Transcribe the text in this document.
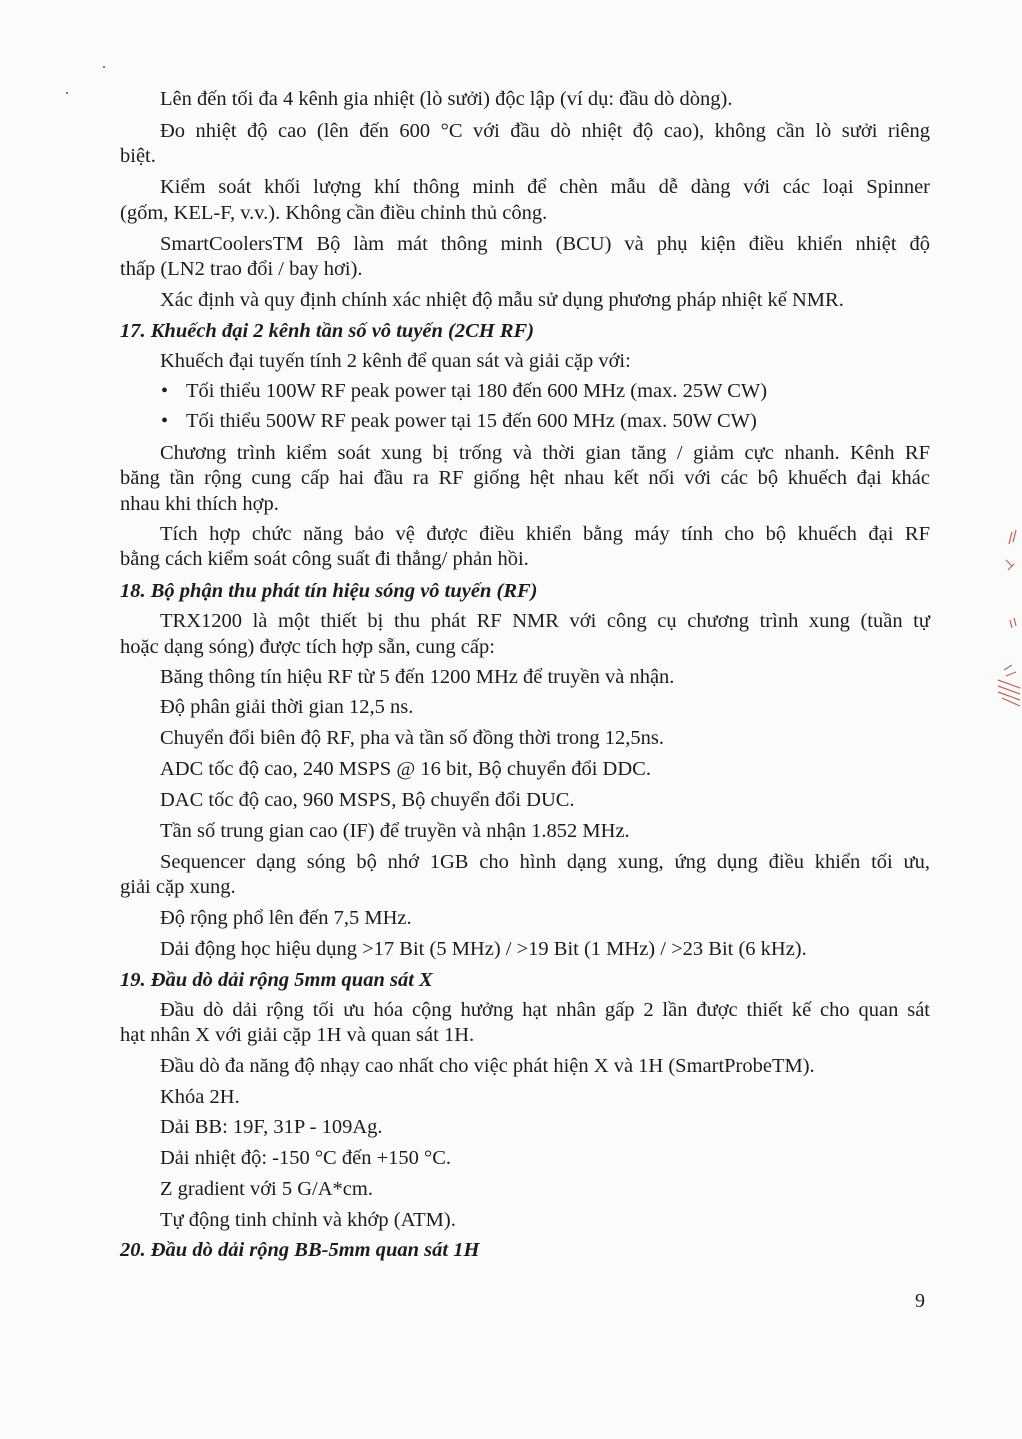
Lên đến tối đa 4 kênh gia nhiệt (lò sưởi) độc lập (ví dụ: đầu dò dòng).
Đo nhiệt độ cao (lên đến 600 °C với đầu dò nhiệt độ cao), không cần lò sưởi riêng
biệt.
Kiểm soát khối lượng khí thông minh để chèn mẫu dễ dàng với các loại Spinner
(gốm, KEL-F, v.v.). Không cần điều chỉnh thủ công.
SmartCoolersTM Bộ làm mát thông minh (BCU) và phụ kiện điều khiển nhiệt độ
thấp (LN2 trao đổi / bay hơi).
Xác định và quy định chính xác nhiệt độ mẫu sử dụng phương pháp nhiệt kế NMR.
17. Khuếch đại 2 kênh tần số vô tuyến (2CH RF)
Khuếch đại tuyến tính 2 kênh để quan sát và giải cặp với:
• Tối thiểu 100W RF peak power tại 180 đến 600 MHz (max. 25W CW)
• Tối thiểu 500W RF peak power tại 15 đến 600 MHz (max. 50W CW)
Chương trình kiểm soát xung bị trống và thời gian tăng / giảm cực nhanh. Kênh RF
băng tần rộng cung cấp hai đầu ra RF giống hệt nhau kết nối với các bộ khuếch đại khác
nhau khi thích hợp.
Tích hợp chức năng bảo vệ được điều khiển bằng máy tính cho bộ khuếch đại RF
bằng cách kiểm soát công suất đi thẳng/ phản hồi.
18. Bộ phận thu phát tín hiệu sóng vô tuyến (RF)
TRX1200 là một thiết bị thu phát RF NMR với công cụ chương trình xung (tuần tự
hoặc dạng sóng) được tích hợp sẵn, cung cấp:
Băng thông tín hiệu RF từ 5 đến 1200 MHz để truyền và nhận.
Độ phân giải thời gian 12,5 ns.
Chuyển đổi biên độ RF, pha và tần số đồng thời trong 12,5ns.
ADC tốc độ cao, 240 MSPS @ 16 bit, Bộ chuyển đổi DDC.
DAC tốc độ cao, 960 MSPS, Bộ chuyển đổi DUC.
Tần số trung gian cao (IF) để truyền và nhận 1.852 MHz.
Sequencer dạng sóng bộ nhớ 1GB cho hình dạng xung, ứng dụng điều khiển tối ưu,
giải cặp xung.
Độ rộng phổ lên đến 7,5 MHz.
Dải động học hiệu dụng >17 Bit (5 MHz) / >19 Bit (1 MHz) / >23 Bit (6 kHz).
19. Đầu dò dải rộng 5mm quan sát X
Đầu dò dải rộng tối ưu hóa cộng hưởng hạt nhân gấp 2 lần được thiết kế cho quan sát
hạt nhân X với giải cặp 1H và quan sát 1H.
Đầu dò đa năng độ nhạy cao nhất cho việc phát hiện X và 1H (SmartProbeTM).
Khóa 2H.
Dải BB: 19F, 31P - 109Ag.
Dải nhiệt độ: -150 °C đến +150 °C.
Z gradient với 5 G/A*cm.
Tự động tinh chỉnh và khớp (ATM).
20. Đầu dò dải rộng BB-5mm quan sát 1H
9
